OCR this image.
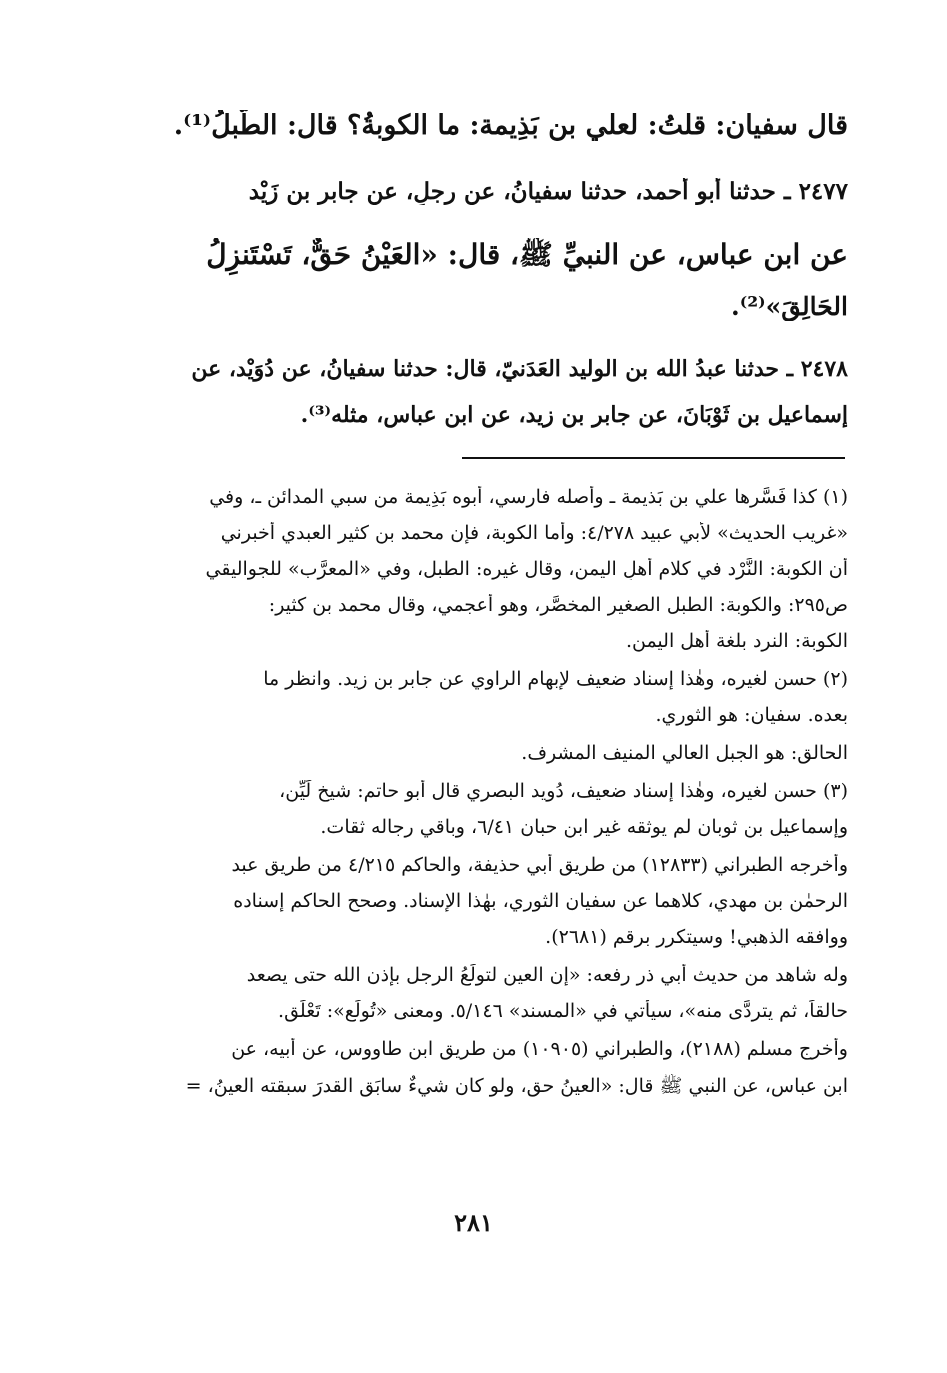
قال سفيان: قلتُ: لعلي بن بَذِيمة: ما الكوبةُ؟ قال: الطَّبلُ⁽¹⁾.
٢٤٧٧ ـ حدثنا أبو أحمد، حدثنا سفيانُ، عن رجلٍ، عن جابر بن زَيْد
عن ابن عباس، عن النبيِّ ﷺ، قال: «العَيْنُ حَقٌّ، تَسْتَنزِلُ
الحَالِقَ»⁽²⁾.
٢٤٧٨ ـ حدثنا عبدُ الله بن الوليد العَدَنيّ، قال: حدثنا سفيانُ، عن دُوَيْد، عن
إسماعيل بن ثَوْبَانَ، عن جابر بن زيد، عن ابن عباس، مثله⁽³⁾.
(١) كذا فَسَّرها علي بن بَذيمة ـ وأصله فارسي، أبوه بَذِيمة من سبي المدائن ـ، وفي
«غريب الحديث» لأبي عبيد ٤/٢٧٨: وأما الكوبة، فإن محمد بن كثير العبدي أخبرني
أن الكوبة: النَّرْد في كلام أهلِ اليمن، وقال غيره: الطبل، وفي «المعرَّب» للجواليقي
ص٢٩٥: والكوبة: الطبل الصغير المخصَّر، وهو أعجمي، وقال محمد بن كثير:
الكوبة: النرد بلغة أهل اليمن.
(٢) حسن لغيره، وهٰذا إسناد ضعيف لإبهام الراوي عن جابر بن زيد. وانظر ما
بعده. سفيان: هو الثوري.
الحالق: هو الجبل العالي المنيف المشرف.
(٣) حسن لغيره، وهٰذا إسناد ضعيف، دُويد البصري قال أبو حاتم: شيخ لَيِّن،
وإسماعيل بن ثوبان لم يوثقه غير ابن حبان ٦/٤١، وباقي رجاله ثقات.
وأخرجه الطبراني (١٢٨٣٣) من طريق أبي حذيفة، والحاكم ٤/٢١٥ من طريق عبد
الرحمٰن بن مهدي، كلاهما عن سفيان الثوري، بهٰذا الإسناد. وصحح الحاكم إسناده
ووافقه الذهبي! وسيتكرر برقم (٢٦٨١).
وله شاهد من حديث أبي ذر رفعه: «إن العين لتولَعُ الرجل بإذن الله حتى يصعد
حالقاً، ثم يتردَّى منه»، سيأتي في «المسند» ٥/١٤٦. ومعنى «تُولَع»: تَعْلَق.
وأخرج مسلم (٢١٨٨)، والطبراني (١٠٩٠٥) من طريق ابن طاووس، عن أبيه، عن
ابن عباس، عن النبي ﷺ قال: «العينُ حق، ولو كان شيءٌ سابَق القدرَ سبقته العينُ، =
٢٨١
